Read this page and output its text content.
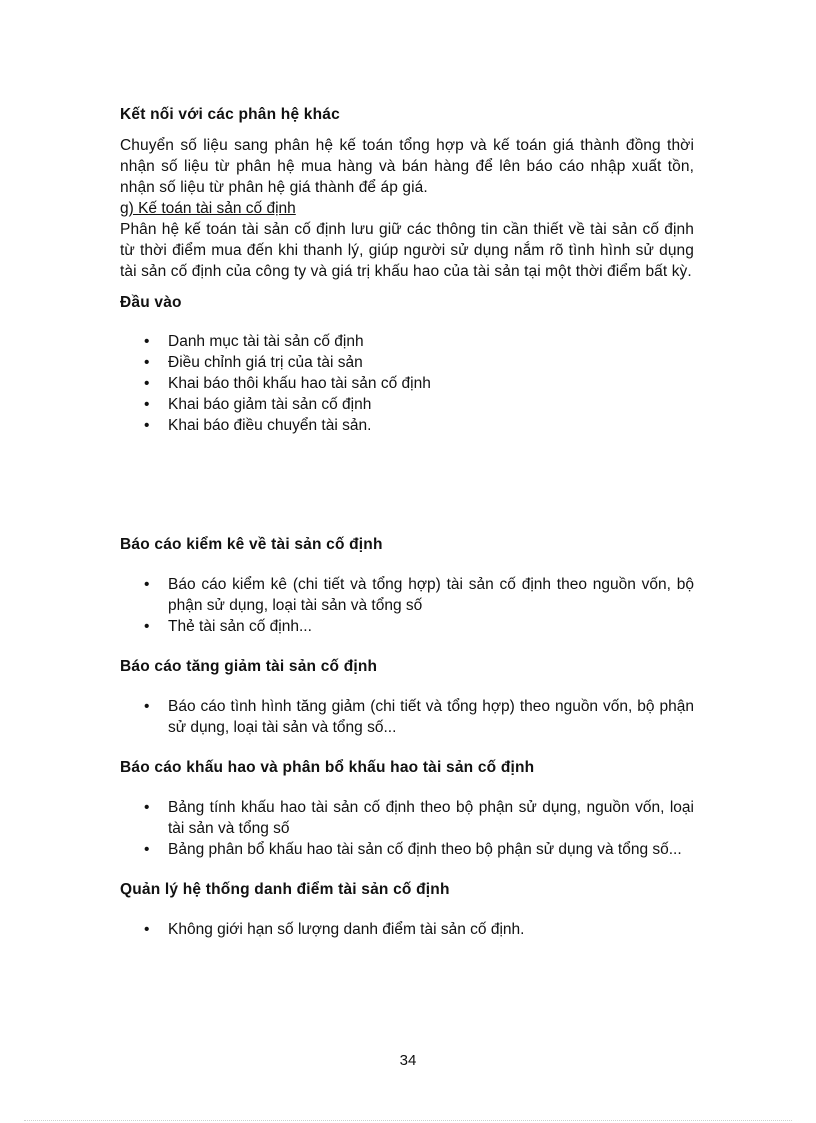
Kết nối với các phân hệ khác

Chuyển số liệu sang phân hệ kế toán tổng hợp và kế toán giá thành đồng thời nhận số liệu từ phân hệ mua hàng và bán hàng để lên báo cáo nhập xuất tồn, nhận số liệu từ phân hệ giá thành để áp giá.

g) Kế toán tài sản cố định

Phân hệ kế toán tài sản cố định lưu giữ các thông tin cần thiết về tài sản cố định từ thời điểm mua đến khi thanh lý, giúp người sử dụng nắm rõ tình hình sử dụng tài sản cố định của công ty và giá trị khấu hao của tài sản tại một thời điểm bất kỳ.

Đầu vào
• Danh mục tài tài sản cố định
• Điều chỉnh giá trị của tài sản
• Khai báo thôi khấu hao tài sản cố định
• Khai báo giảm tài sản cố định
• Khai báo điều chuyển tài sản.
Báo cáo kiểm kê về tài sản cố định
• Báo cáo kiểm kê (chi tiết và tổng hợp) tài sản cố định theo nguồn vốn, bộ phận sử dụng, loại tài sản và tổng số
• Thẻ tài sản cố định...
Báo cáo tăng giảm tài sản cố định
• Báo cáo tình hình tăng giảm (chi tiết và tổng hợp) theo nguồn vốn, bộ phận sử dụng, loại tài sản và tổng số...
Báo cáo khấu hao và phân bổ khấu hao tài sản cố định
• Bảng tính khấu hao tài sản cố định theo bộ phận sử dụng, nguồn vốn, loại tài sản và tổng số
• Bảng phân bổ khấu hao tài sản cố định theo bộ phận sử dụng và tổng số...
Quản lý hệ thống danh điểm tài sản cố định
• Không giới hạn số lượng danh điểm tài sản cố định.
34
